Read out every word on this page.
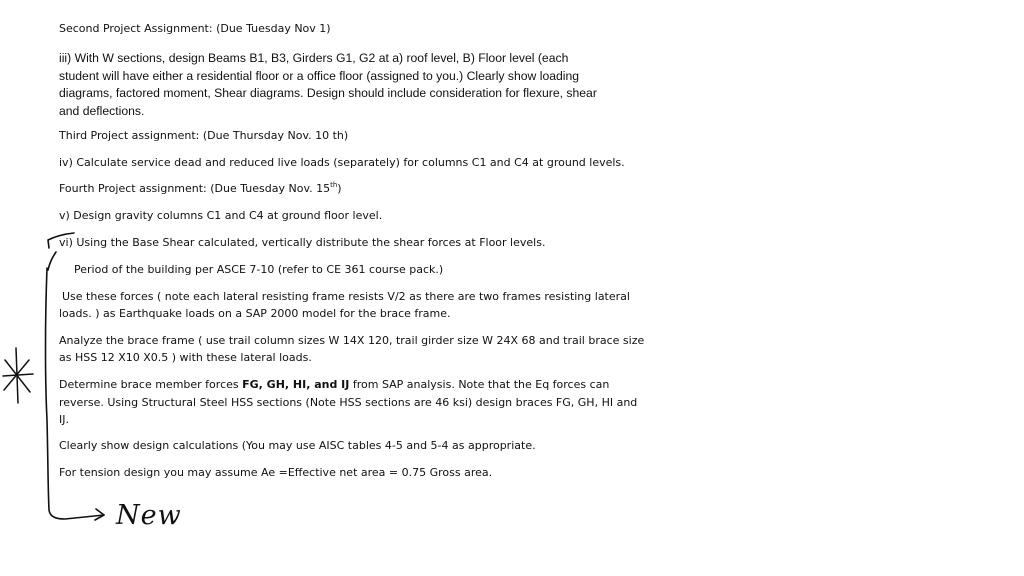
Second Project Assignment: (Due Tuesday Nov 1)
iii) With W sections, design Beams B1, B3, Girders G1, G2 at a) roof level, B) Floor level (each
student will have either a residential floor or a office floor (assigned to you.) Clearly show loading
diagrams, factored moment, Shear diagrams. Design should include consideration for flexure, shear
and deflections.
Third Project assignment: (Due Thursday Nov. 10 th)
iv) Calculate service dead and reduced live loads (separately) for columns C1 and C4 at ground levels.
Fourth Project assignment: (Due Tuesday Nov. 15th)
v) Design gravity columns C1 and C4 at ground floor level.
vi) Using the Base Shear calculated, vertically distribute the shear forces at Floor levels.
Period of the building per ASCE 7-10 (refer to CE 361 course pack.)
Use these forces ( note each lateral resisting frame resists V/2 as there are two frames resisting lateral
loads. ) as Earthquake loads on a SAP 2000 model for the brace frame.
Analyze the brace frame ( use trail column sizes W 14X 120, trail girder size W 24X 68 and trail brace size
as HSS 12 X10 X0.5 ) with these lateral loads.
Determine brace member forces FG, GH, HI, and IJ from SAP analysis. Note that the Eq forces can
reverse. Using Structural Steel HSS sections (Note HSS sections are 46 ksi) design braces FG, GH, HI and
IJ.
Clearly show design calculations (You may use AISC tables 4-5 and 5-4 as appropriate.
For tension design you may assume Ae =Effective net area = 0.75 Gross area.
New
